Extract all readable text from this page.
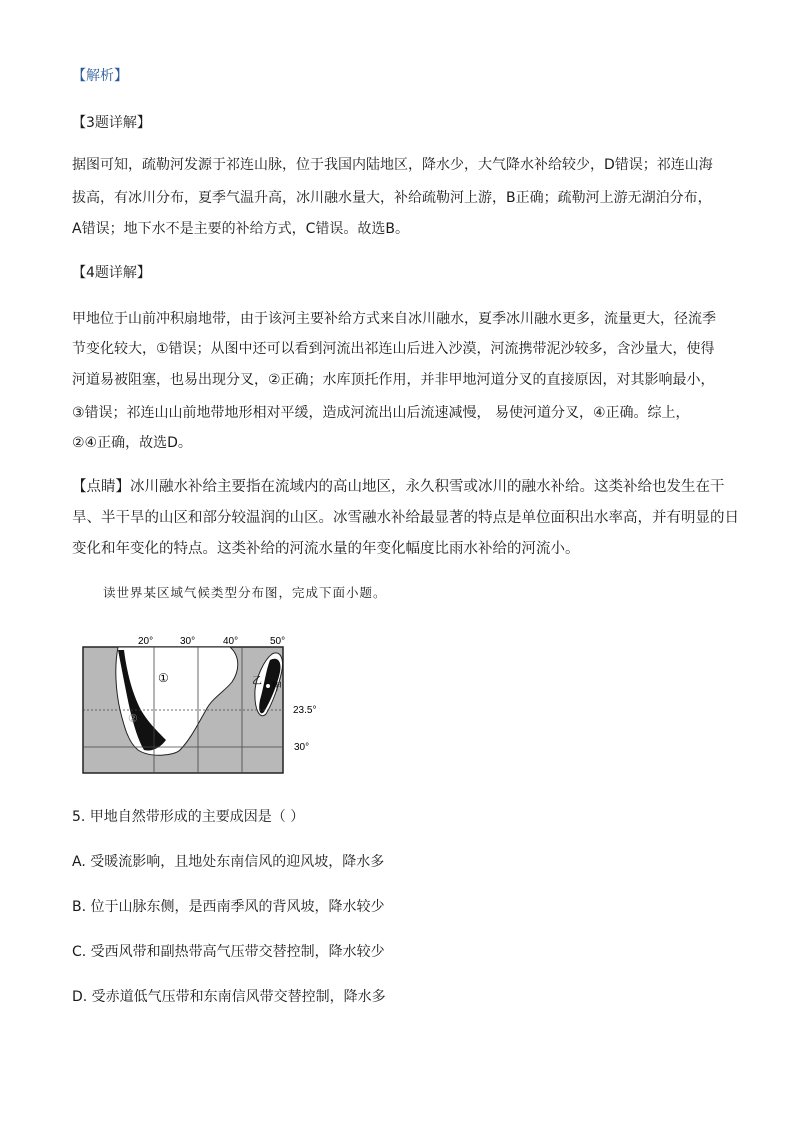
【解析】
【3题详解】
据图可知，疏勒河发源于祁连山脉，位于我国内陆地区，降水少，大气降水补给较少，D错误；祁连山海
拔高，有冰川分布，夏季气温升高，冰川融水量大，补给疏勒河上游，B正确；疏勒河上游无湖泊分布，
A错误；地下水不是主要的补给方式，C错误。故选B。
【4题详解】
甲地位于山前冲积扇地带，由于该河主要补给方式来自冰川融水，夏季冰川融水更多，流量更大，径流季
节变化较大，①错误；从图中还可以看到河流出祁连山后进入沙漠，河流携带泥沙较多，含沙量大，使得
河道易被阻塞，也易出现分叉，②正确；水库顶托作用，并非甲地河道分叉的直接原因，对其影响最小，
③错误；祁连山山前地带地形相对平缓，造成河流出山后流速减慢， 易使河道分叉，④正确。综上，
②④正确，故选D。
【点睛】冰川融水补给主要指在流域内的高山地区，永久积雪或冰川的融水补给。这类补给也发生在干
旱、半干旱的山区和部分较温润的山区。冰雪融水补给最显著的特点是单位面积出水率高，并有明显的日
变化和年变化的特点。这类补给的河流水量的年变化幅度比雨水补给的河流小。
读世界某区域气候类型分布图，完成下面小题。
20°	30°	40°	50°
23.5°
30°
①
②
乙
甲
5. 甲地自然带形成的主要成因是（ ）
A. 受暖流影响，且地处东南信风的迎风坡，降水多
B. 位于山脉东侧，是西南季风的背风坡，降水较少
C. 受西风带和副热带高气压带交替控制，降水较少
D. 受赤道低气压带和东南信风带交替控制，降水多
